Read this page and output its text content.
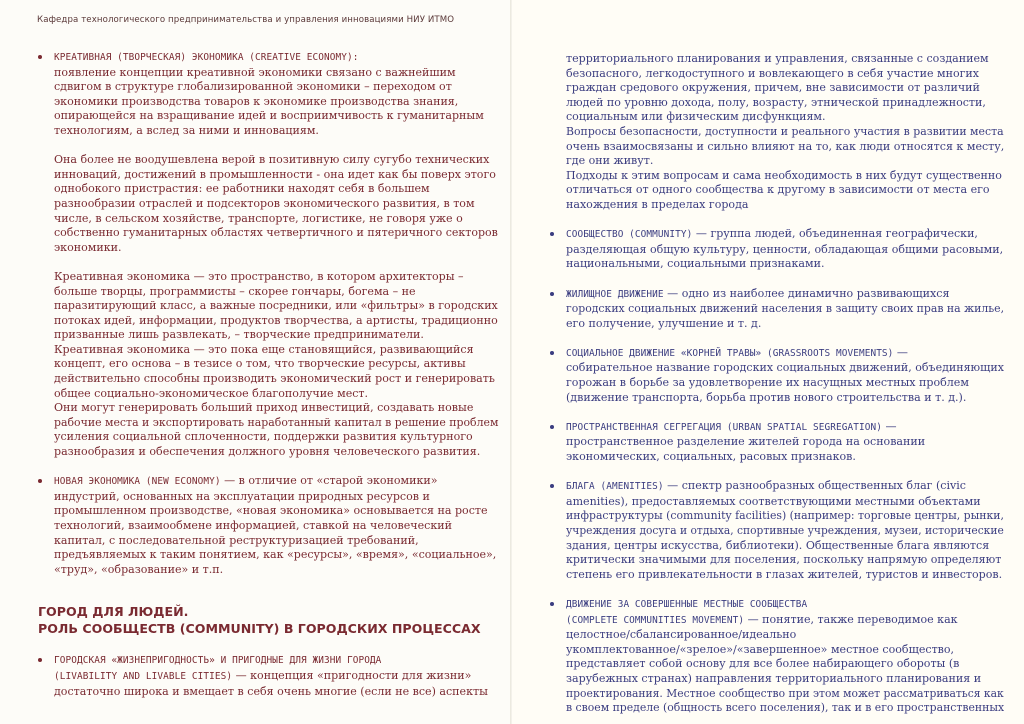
Кафедра технологического предпринимательства и управления инновациями НИУ ИТМО

КРЕАТИВНАЯ (ТВОРЧЕСКАЯ) ЭКОНОМИКА (CREATIVE ECONOMY):

появление концепции креативной экономики связано с важнейшим

сдвигом в структуре глобализированной экономики – переходом от

экономики производства товаров к экономике производства знания,

опирающейся на взращивание идей и восприимчивость к гуманитарным

технологиям, а вслед за ними и инновациям.

Она более не воодушевлена верой в позитивную силу сугубо технических

инноваций, достижений в промышленности - она идет как бы поверх этого

однобокого пристрастия: ее работники находят себя в большем

разнообразии отраслей и подсекторов экономического развития, в том

числе, в сельском хозяйстве, транспорте, логистике, не говоря уже о

собственно гуманитарных областях четвертичного и пятеричного секторов

экономики.

Креативная экономика — это пространство, в котором архитекторы –

больше творцы, программисты – скорее гончары, богема – не

паразитирующий класс, а важные посредники, или «фильтры» в городских

потоках идей, информации, продуктов творчества, а артисты, традиционно

призванные лишь развлекать, – творческие предприниматели.

Креативная экономика — это пока еще становящийся, развивающийся

концепт, его основа – в тезисе о том, что творческие ресурсы, активы

действительно способны производить экономический рост и генерировать

общее социально-экономическое благополучие мест.

Они могут генерировать больший приход инвестиций, создавать новые

рабочие места и экспортировать наработанный капитал в решение проблем

усиления социальной сплоченности, поддержки развития культурного

разнообразия и обеспечения должного уровня человеческого развития.

НОВАЯ ЭКОНОМИКА (NEW ECONOMY) — в отличие от «старой экономики»

индустрий, основанных на эксплуатации природных ресурсов и

промышленном производстве, «новая экономика» основывается на росте

технологий, взаимообмене информацией, ставкой на человеческий

капитал, с последовательной реструктуризацией требований,

предъявляемых к таким понятием, как «ресурсы», «время», «социальное»,

«труд», «образование» и т.п.

ГОРОД ДЛЯ ЛЮДЕЙ.

РОЛЬ СООБЩЕСТВ (COMMUNITY) В ГОРОДСКИХ ПРОЦЕССАХ

ГОРОДСКАЯ «ЖИЗНЕПРИГОДНОСТЬ» И ПРИГОДНЫЕ ДЛЯ ЖИЗНИ ГОРОДА

(LIVABILITY AND LIVABLE CITIES) — концепция «пригодности для жизни»

достаточно широка и вмещает в себя очень многие (если не все) аспекты

территориального планирования и управления, связанные с созданием

безопасного, легкодоступного и вовлекающего в себя участие многих

граждан средового окружения, причем, вне зависимости от различий

людей по уровню дохода, полу, возрасту, этнической принадлежности,

социальным или физическим дисфункциям.

Вопросы безопасности, доступности и реального участия в развитии места

очень взаимосвязаны и сильно влияют на то, как люди относятся к месту,

где они живут.

Подходы к этим вопросам и сама необходимость в них будут существенно

отличаться от одного сообщества к другому в зависимости от места его

нахождения в пределах города

СООБЩЕСТВО (COMMUNITY) — группа людей, объединенная географически,

разделяющая общую культуру, ценности, обладающая общими расовыми,

национальными, социальными признаками.

ЖИЛИЩНОЕ ДВИЖЕНИЕ — одно из наиболее динамично развивающихся

городских социальных движений населения в защиту своих прав на жилье,

его получение, улучшение и т. д.

СОЦИАЛЬНОЕ ДВИЖЕНИЕ «КОРНЕЙ ТРАВЫ» (GRASSROOTS MOVEMENTS) —

собирательное название городских социальных движений, объединяющих

горожан в борьбе за удовлетворение их насущных местных проблем

(движение транспорта, борьба против нового строительства и т. д.).

ПРОСТРАНСТВЕННАЯ СЕГРЕГАЦИЯ (URBAN SPATIAL SEGREGATION) —

пространственное разделение жителей города на основании

экономических, социальных, расовых признаков.

БЛАГА (AMENITIES) — спектр разнообразных общественных благ (civic

amenities), предоставляемых соответствующими местными объектами

инфраструктуры (community facilities) (например: торговые центры, рынки,

учреждения досуга и отдыха, спортивные учреждения, музеи, исторические

здания, центры искусства, библиотеки). Общественные блага являются

критически значимыми для поселения, поскольку напрямую определяют

степень его привлекательности в глазах жителей, туристов и инвесторов.

ДВИЖЕНИЕ ЗА СОВЕРШЕННЫЕ МЕСТНЫЕ СООБЩЕСТВА

(COMPLETE COMMUNITIES MOVEMENT) — понятие, также переводимое как

целостное/сбалансированное/идеально

укомплектованное/«зрелое»/«завершенное» местное сообщество,

представляет собой основу для все более набирающего обороты (в

зарубежных странах) направления территориального планирования и

проектирования. Местное сообщество при этом может рассматриваться как

в своем пределе (общность всего поселения), так и в его пространственных
